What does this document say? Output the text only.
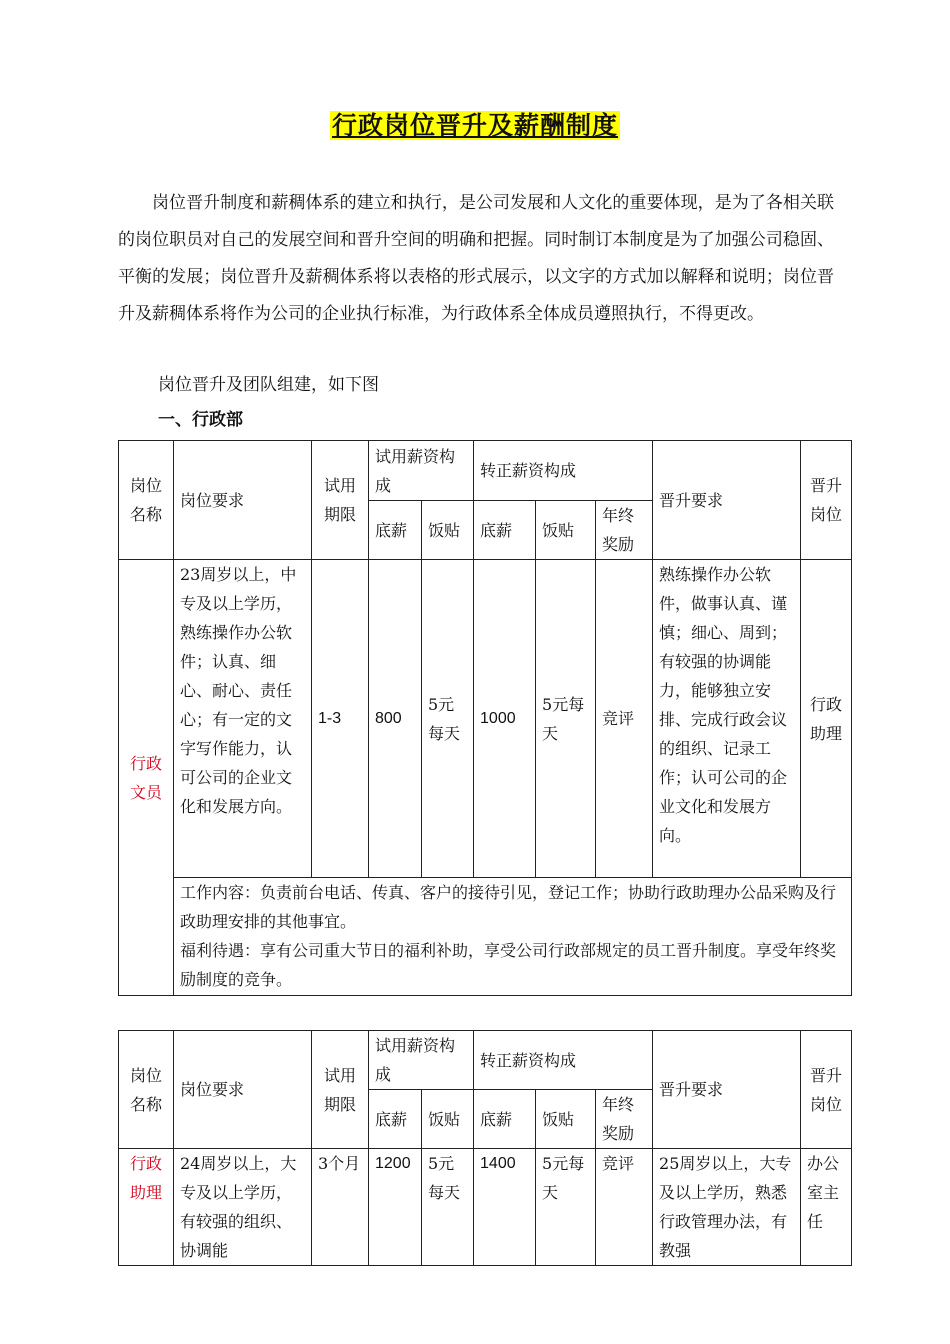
行政岗位晋升及薪酬制度
岗位晋升制度和薪稠体系的建立和执行，是公司发展和人文化的重要体现，是为了各相关联的岗位职员对自己的发展空间和晋升空间的明确和把握。同时制订本制度是为了加强公司稳固、平衡的发展；岗位晋升及薪稠体系将以表格的形式展示，以文字的方式加以解释和说明；岗位晋升及薪稠体系将作为公司的企业执行标准，为行政体系全体成员遵照执行，不得更改。
岗位晋升及团队组建，如下图
一、行政部
岗位名称	岗位要求	试用期限	试用薪资构成		转正薪资构成			晋升要求	晋升岗位
			底薪	饭贴	底薪	饭贴	年终奖励		
行政文员	23周岁以上，中专及以上学历，熟练操作办公软件；认真、细心、耐心、责任心；有一定的文字写作能力，认可公司的企业文化和发展方向。	1-3	800	5元每天	1000	5元每天	竞评	熟练操作办公软件，做事认真、谨慎；细心、周到；有较强的协调能力，能够独立安排、完成行政会议的组织、记录工作；认可公司的企业文化和发展方向。	行政助理

	工作内容：负责前台电话、传真、客户的接待引见，登记工作；协助行政助理办公品采购及行政助理安排的其他事宜。
福利待遇：享有公司重大节日的福利补助，享受公司行政部规定的员工晋升制度。享受年终奖励制度的竞争。								
岗位名称	岗位要求	试用期限	试用薪资构成		转正薪资构成			晋升要求	晋升岗位
			底薪	饭贴	底薪	饭贴	年终奖励		
行政助理	24周岁以上，大专及以上学历，有较强的组织、协调能	3个月	1200	5元每天	1400	5元每天	竞评	25周岁以上，大专及以上学历，熟悉行政管理办法，有教强	办公室主任
